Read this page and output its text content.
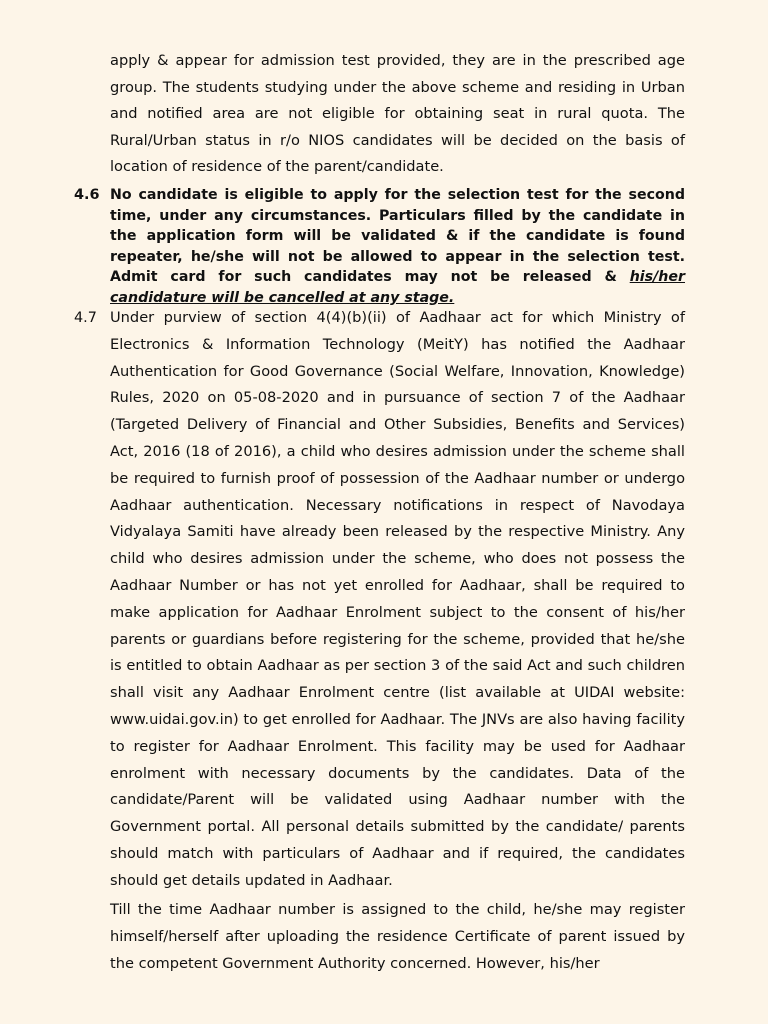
apply & appear for admission test provided, they are in the prescribed age group. The students studying under the above scheme and residing in Urban and notified area are not eligible for obtaining seat in rural quota. The Rural/Urban status in r/o NIOS candidates will be decided on the basis of location of residence of the parent/candidate.

4.6 No candidate is eligible to apply for the selection test for the second time, under any circumstances. Particulars filled by the candidate in the application form will be validated & if the candidate is found repeater, he/she will not be allowed to appear in the selection test. Admit card for such candidates may not be released & his/her candidature will be cancelled at any stage.

4.7 Under purview of section 4(4)(b)(ii) of Aadhaar act for which Ministry of Electronics & Information Technology (MeitY) has notified the Aadhaar Authentication for Good Governance (Social Welfare, Innovation, Knowledge) Rules, 2020 on 05-08-2020 and in pursuance of section 7 of the Aadhaar (Targeted Delivery of Financial and Other Subsidies, Benefits and Services) Act, 2016 (18 of 2016), a child who desires admission under the scheme shall be required to furnish proof of possession of the Aadhaar number or undergo Aadhaar authentication. Necessary notifications in respect of Navodaya Vidyalaya Samiti have already been released by the respective Ministry. Any child who desires admission under the scheme, who does not possess the Aadhaar Number or has not yet enrolled for Aadhaar, shall be required to make application for Aadhaar Enrolment subject to the consent of his/her parents or guardians before registering for the scheme, provided that he/she is entitled to obtain Aadhaar as per section 3 of the said Act and such children shall visit any Aadhaar Enrolment centre (list available at UIDAI website: www.uidai.gov.in) to get enrolled for Aadhaar. The JNVs are also having facility to register for Aadhaar Enrolment. This facility may be used for Aadhaar enrolment with necessary documents by the candidates. Data of the candidate/Parent will be validated using Aadhaar number with the Government portal. All personal details submitted by the candidate/ parents should match with particulars of Aadhaar and if required, the candidates should get details updated in Aadhaar.

Till the time Aadhaar number is assigned to the child, he/she may register himself/herself after uploading the residence Certificate of parent issued by the competent Government Authority concerned. However, his/her
